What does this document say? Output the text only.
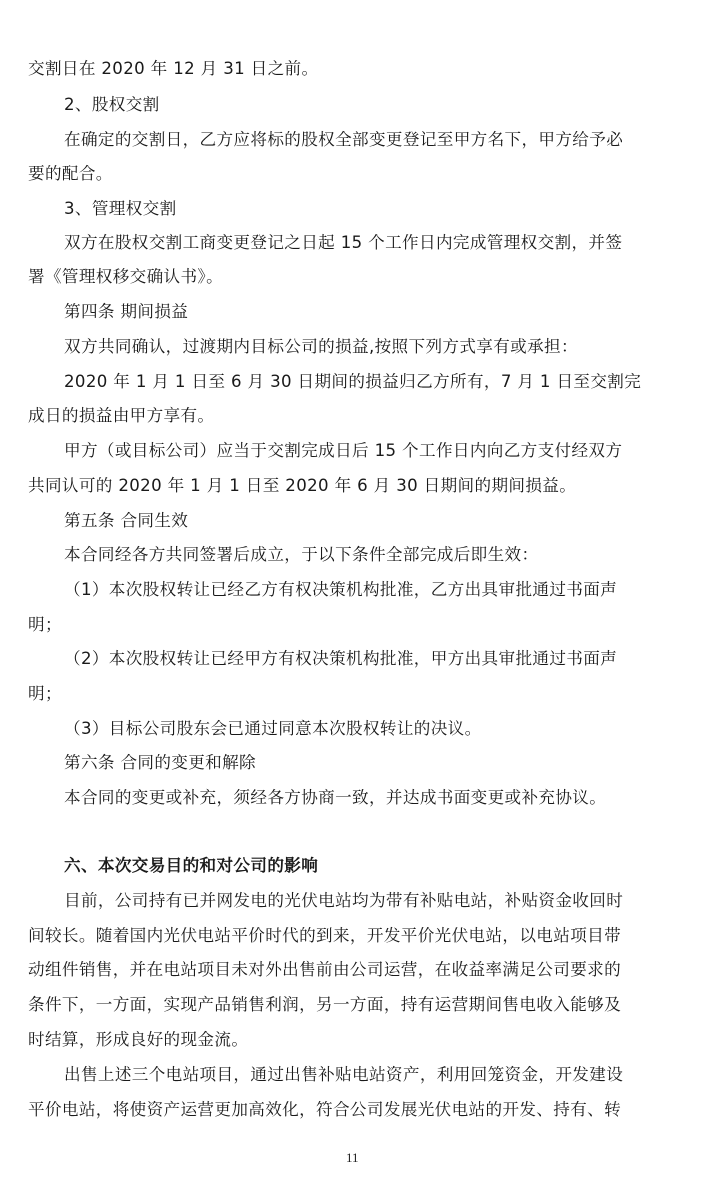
交割日在 2020 年 12 月 31 日之前。
2、股权交割
在确定的交割日，乙方应将标的股权全部变更登记至甲方名下，甲方给予必
要的配合。
3、管理权交割
双方在股权交割工商变更登记之日起 15 个工作日内完成管理权交割，并签
署《管理权移交确认书》。
第四条 期间损益
双方共同确认，过渡期内目标公司的损益,按照下列方式享有或承担：
2020 年 1 月 1 日至 6 月 30 日期间的损益归乙方所有，7 月 1 日至交割完
成日的损益由甲方享有。
甲方（或目标公司）应当于交割完成日后 15 个工作日内向乙方支付经双方
共同认可的 2020 年 1 月 1 日至 2020 年 6 月 30 日期间的期间损益。
第五条 合同生效
本合同经各方共同签署后成立，于以下条件全部完成后即生效：
（1）本次股权转让已经乙方有权决策机构批准，乙方出具审批通过书面声
明；
（2）本次股权转让已经甲方有权决策机构批准，甲方出具审批通过书面声
明；
（3）目标公司股东会已通过同意本次股权转让的决议。
第六条 合同的变更和解除
本合同的变更或补充，须经各方协商一致，并达成书面变更或补充协议。
六、本次交易目的和对公司的影响
目前，公司持有已并网发电的光伏电站均为带有补贴电站，补贴资金收回时
间较长。随着国内光伏电站平价时代的到来，开发平价光伏电站，以电站项目带
动组件销售，并在电站项目未对外出售前由公司运营，在收益率满足公司要求的
条件下，一方面，实现产品销售利润，另一方面，持有运营期间售电收入能够及
时结算，形成良好的现金流。
出售上述三个电站项目，通过出售补贴电站资产，利用回笼资金，开发建设
平价电站，将使资产运营更加高效化，符合公司发展光伏电站的开发、持有、转
11
